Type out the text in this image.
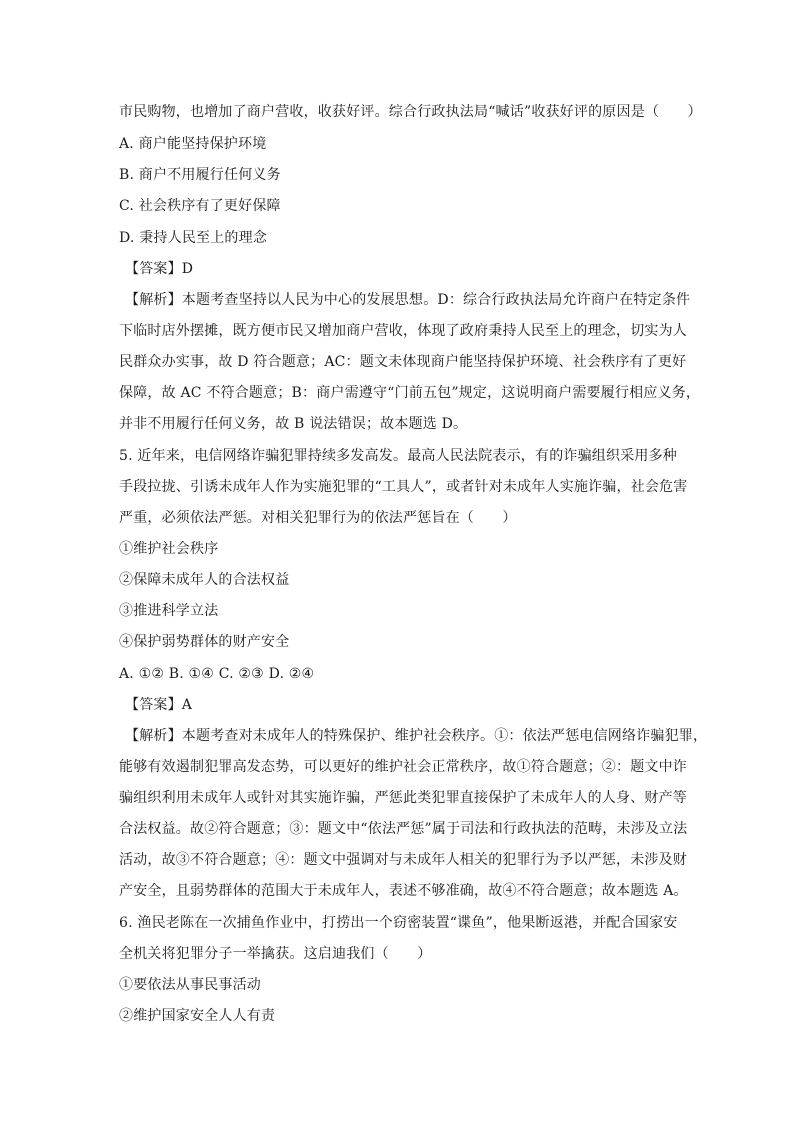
市民购物，也增加了商户营收，收获好评。综合行政执法局“喊话”收获好评的原因是（　　）
A. 商户能坚持保护环境
B. 商户不用履行任何义务
C. 社会秩序有了更好保障
D. 秉持人民至上的理念
【答案】D
【解析】本题考查坚持以人民为中心的发展思想。D：综合行政执法局允许商户在特定条件
下临时店外摆摊，既方便市民又增加商户营收，体现了政府秉持人民至上的理念，切实为人
民群众办实事，故 D 符合题意；AC：题文未体现商户能坚持保护环境、社会秩序有了更好
保障，故 AC 不符合题意；B：商户需遵守“门前五包”规定，这说明商户需要履行相应义务，
并非不用履行任何义务，故 B 说法错误；故本题选 D。
5. 近年来，电信网络诈骗犯罪持续多发高发。最高人民法院表示，有的诈骗组织采用多种
手段拉拢、引诱未成年人作为实施犯罪的“工具人”，或者针对未成年人实施诈骗，社会危害
严重，必须依法严惩。对相关犯罪行为的依法严惩旨在（　　）
①维护社会秩序
②保障未成年人的合法权益
③推进科学立法
④保护弱势群体的财产安全
A. ①② B. ①④ C. ②③ D. ②④
【答案】A
【解析】本题考查对未成年人的特殊保护、维护社会秩序。①：依法严惩电信网络诈骗犯罪，
能够有效遏制犯罪高发态势，可以更好的维护社会正常秩序，故①符合题意；②：题文中诈
骗组织利用未成年人或针对其实施诈骗，严惩此类犯罪直接保护了未成年人的人身、财产等
合法权益。故②符合题意；③：题文中“依法严惩”属于司法和行政执法的范畴，未涉及立法
活动，故③不符合题意；④：题文中强调对与未成年人相关的犯罪行为予以严惩，未涉及财
产安全，且弱势群体的范围大于未成年人，表述不够准确，故④不符合题意；故本题选 A。
6. 渔民老陈在一次捕鱼作业中，打捞出一个窃密装置“谍鱼”，他果断返港，并配合国家安
全机关将犯罪分子一举擒获。这启迪我们（　　）
①要依法从事民事活动
②维护国家安全人人有责
